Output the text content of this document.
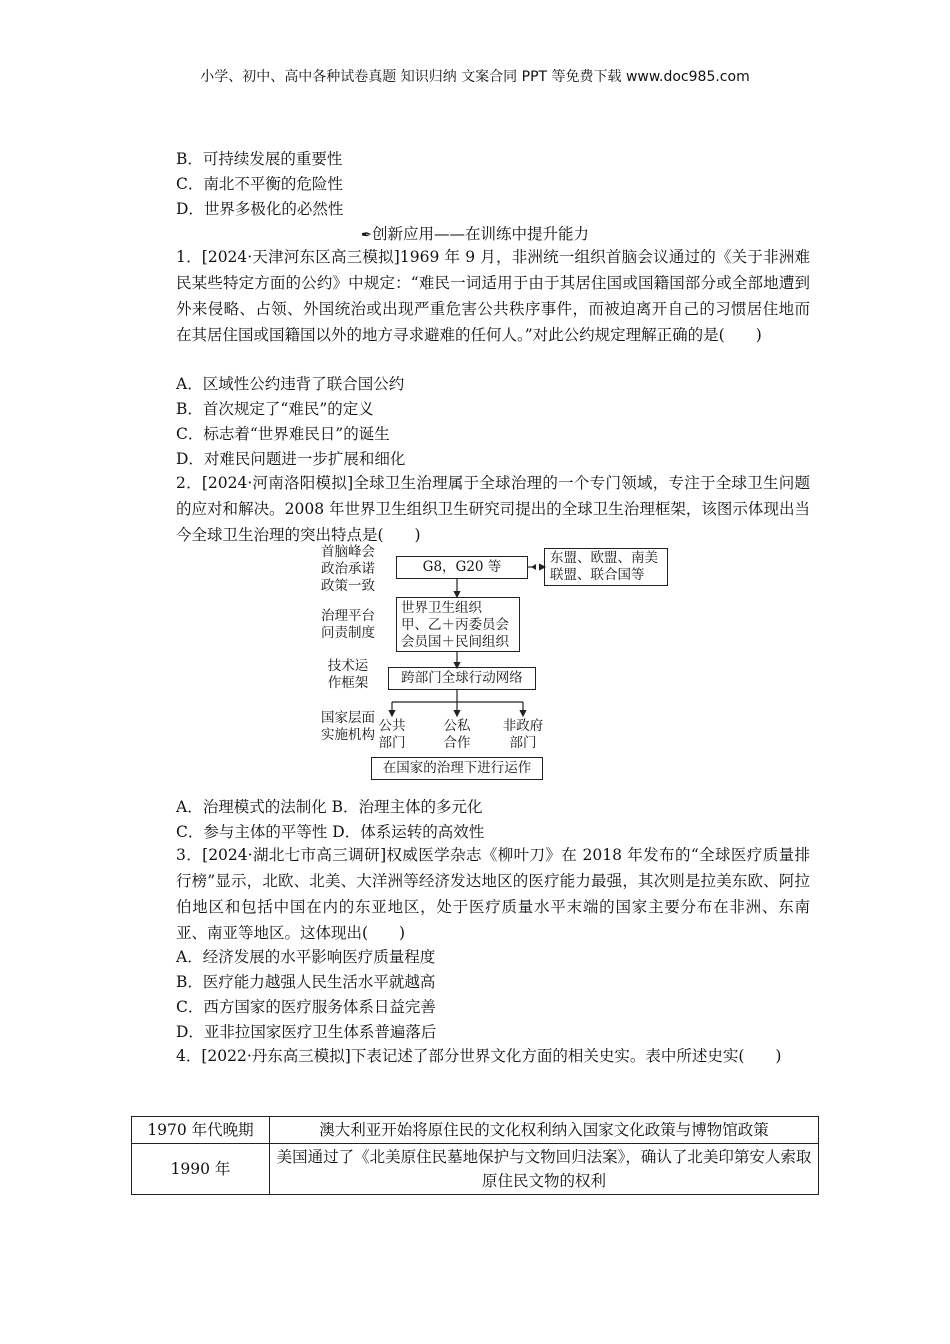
小学、初中、高中各种试卷真题 知识归纳 文案合同 PPT 等免费下载 www.doc985.com
B．可持续发展的重要性
C．南北不平衡的危险性
D．世界多极化的必然性
✒创新应用——在训练中提升能力
1．[2024·天津河东区高三模拟]1969 年 9 月，非洲统一组织首脑会议通过的《关于非洲难民某些特定方面的公约》中规定：“难民一词适用于由于其居住国或国籍国部分或全部地遭到外来侵略、占领、外国统治或出现严重危害公共秩序事件，而被迫离开自己的习惯居住地而在其居住国或国籍国以外的地方寻求避难的任何人。”对此公约规定理解正确的是(　　)
A．区域性公约违背了联合国公约
B．首次规定了“难民”的定义
C．标志着“世界难民日”的诞生
D．对难民问题进一步扩展和细化
2．[2024·河南洛阳模拟]全球卫生治理属于全球治理的一个专门领域，专注于全球卫生问题的应对和解决。2008 年世界卫生组织卫生研究司提出的全球卫生治理框架，该图示体现出当今全球卫生治理的突出特点是(　　)
首脑峰会
政治承诺
政策一致
治理平台
问责制度
技术运
作框架
国家层面
实施机构
G8，G20 等
东盟、欧盟、南美
联盟、联合国等
世界卫生组织
甲、乙＋丙委员会
会员国＋民间组织
跨部门全球行动网络
公共
部门
公私
合作
非政府
部门
在国家的治理下进行运作
A．治理模式的法制化 B．治理主体的多元化
C．参与主体的平等性 D．体系运转的高效性
3．[2024·湖北七市高三调研]权威医学杂志《柳叶刀》在 2018 年发布的“全球医疗质量排行榜”显示，北欧、北美、大洋洲等经济发达地区的医疗能力最强，其次则是拉美东欧、阿拉伯地区和包括中国在内的东亚地区，处于医疗质量水平末端的国家主要分布在非洲、东南亚、南亚等地区。这体现出(　　)
A．经济发展的水平影响医疗质量程度
B．医疗能力越强人民生活水平就越高
C．西方国家的医疗服务体系日益完善
D．亚非拉国家医疗卫生体系普遍落后
4．[2022·丹东高三模拟]下表记述了部分世界文化方面的相关史实。表中所述史实(　　)
1970 年代晚期	澳大利亚开始将原住民的文化权利纳入国家文化政策与博物馆政策
1990 年	美国通过了《北美原住民墓地保护与文物回归法案》，确认了北美印第安人索取原住民文物的权利
